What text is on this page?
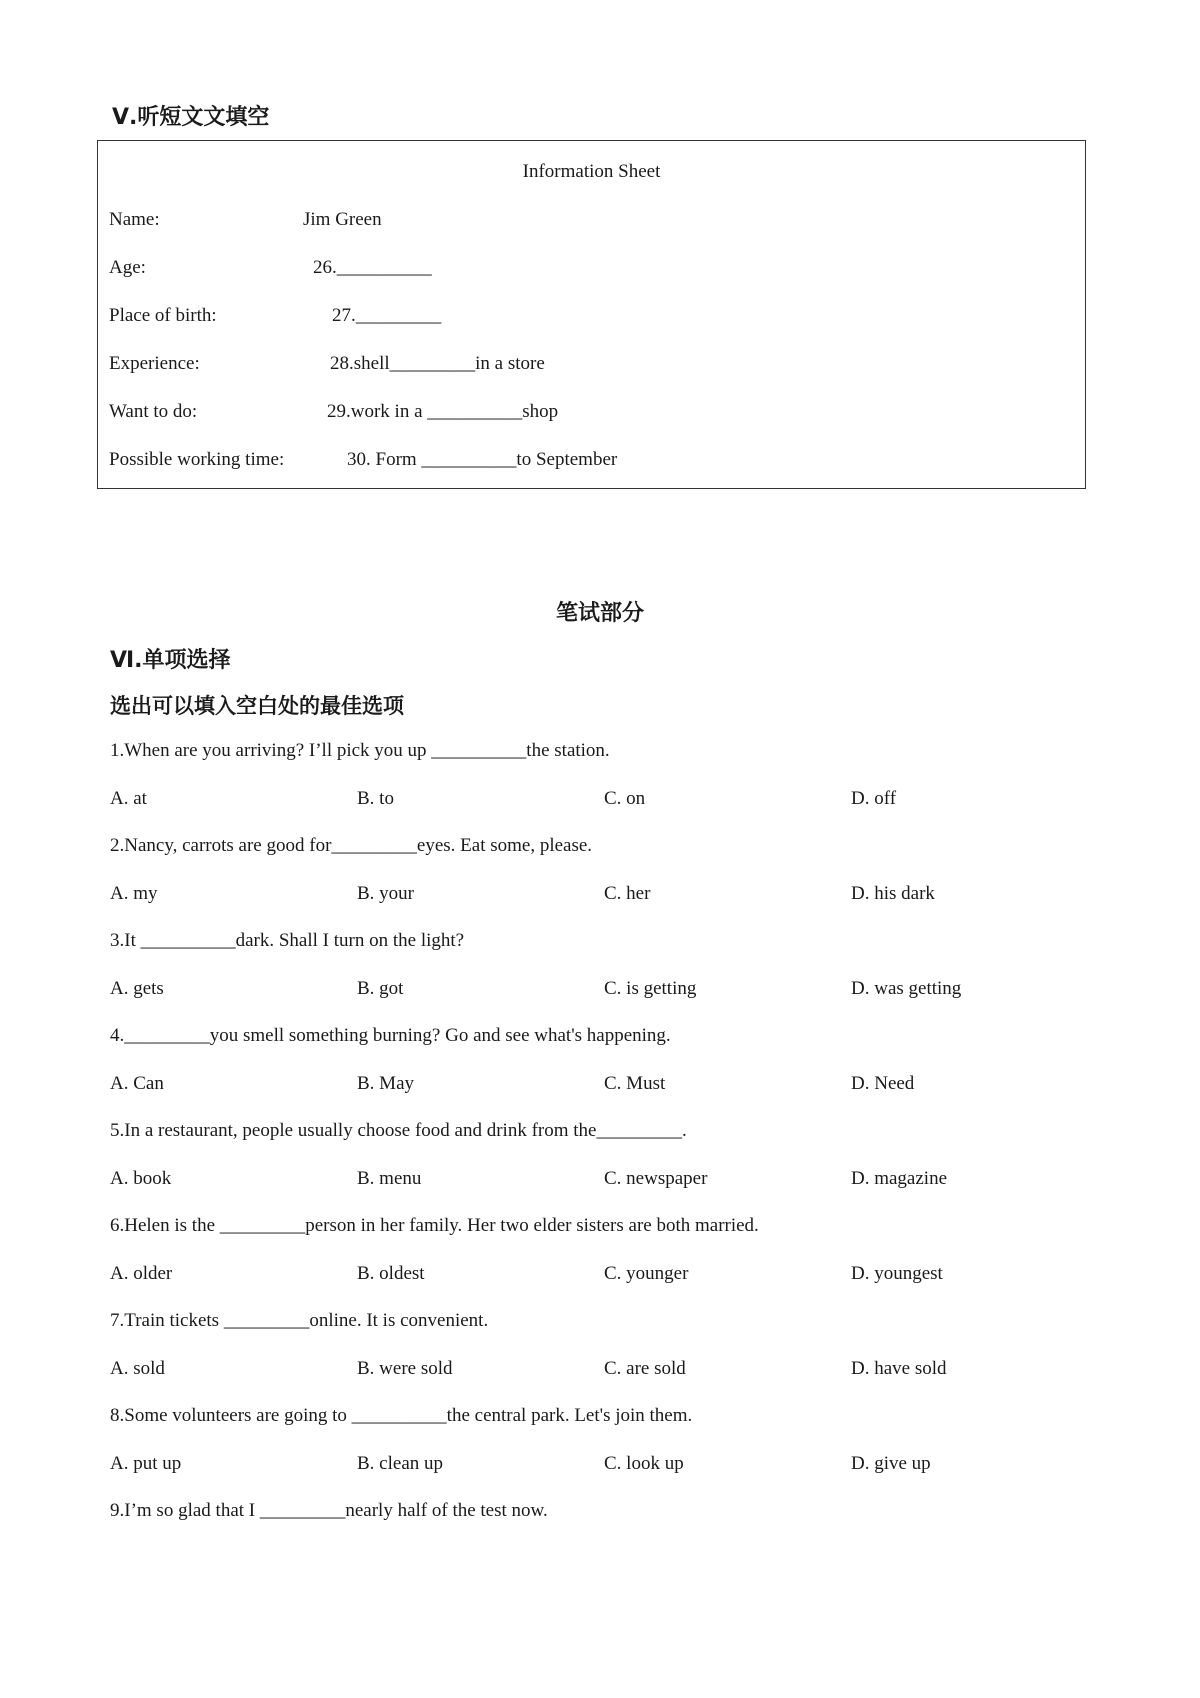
Ⅴ.听短文文填空
Information Sheet
Name:	Jim Green
Age:	26.__________
Place of birth:	27._________
Experience:	28.shell_________in a store
Want to do:	29.work in a __________shop
Possible working time:	30. Form __________to September
笔试部分
Ⅵ.单项选择
选出可以填入空白处的最佳选项
1.When are you arriving? I’ll pick you up __________the station.
A. at	B. to	C. on	D. off
2.Nancy, carrots are good for_________eyes. Eat some, please.
A. my	B. your	C. her	D. his dark
3.It __________dark. Shall I turn on the light?
A. gets	B. got	C. is getting	D. was getting
4._________you smell something burning? Go and see what's happening.
A. Can	B. May	C. Must	D. Need
5.In a restaurant, people usually choose food and drink from the_________.
A. book	B. menu	C. newspaper	D. magazine
6.Helen is the _________person in her family. Her two elder sisters are both married.
A. older	B. oldest	C. younger	D. youngest
7.Train tickets _________online. It is convenient.
A. sold	B. were sold	C. are sold	D. have sold
8.Some volunteers are going to __________the central park. Let's join them.
A. put up	B. clean up	C. look up	D. give up
9.I’m so glad that I _________nearly half of the test now.
